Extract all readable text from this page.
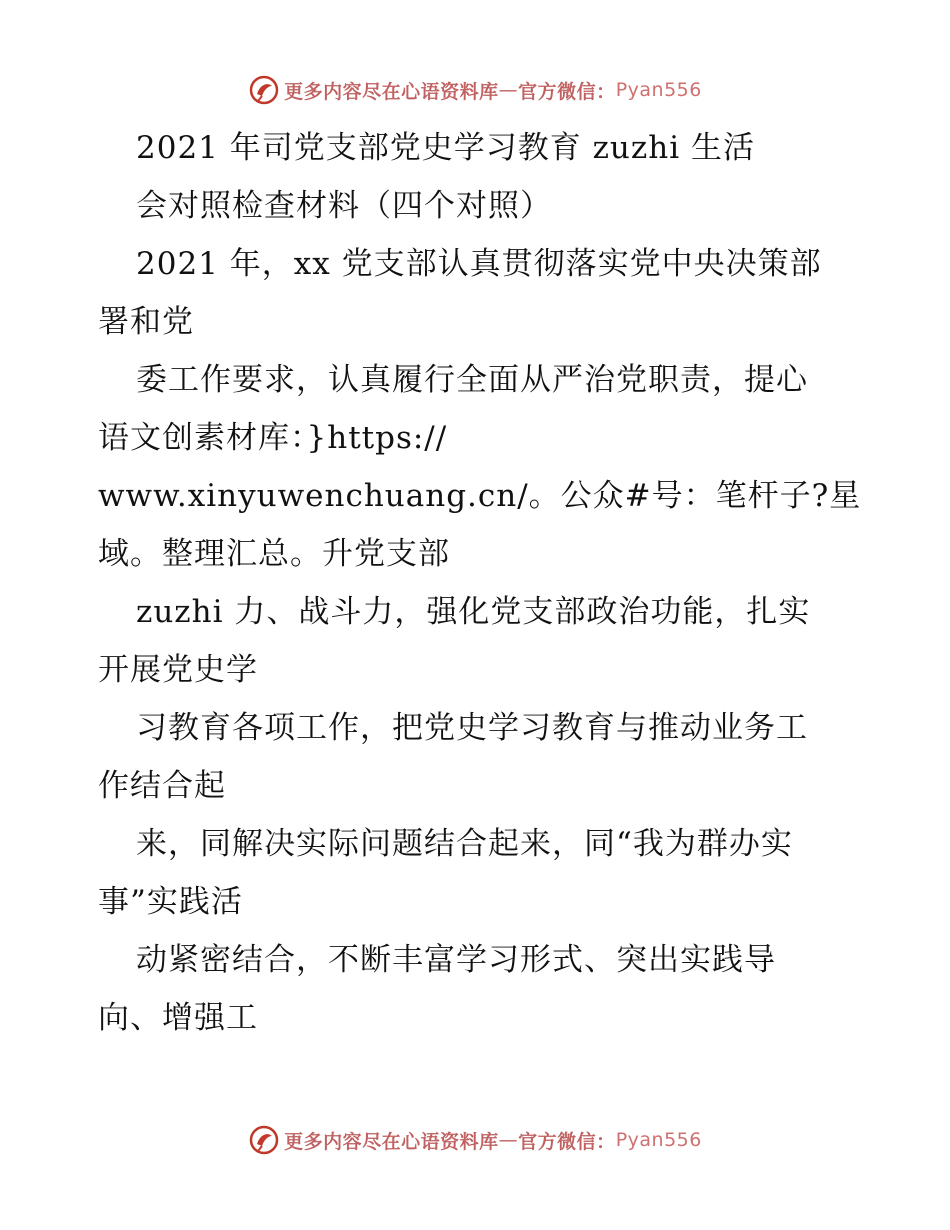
更多内容尽在心语资料库 — 官方微信： Pyan556
2021 年司党支部党史学习教育 zuzhi 生活
会对照检查材料（四个对照）
2021 年，xx 党支部认真贯彻落实党中央决策部
署和党
委工作要求，认真履行全面从严治党职责，提心
语文创素材库：}https://
www.xinyuwenchuang.cn/。公众#号：笔杆子?星
域。整理汇总。升党支部
zuzhi 力、战斗力，强化党支部政治功能，扎实
开展党史学
习教育各项工作，把党史学习教育与推动业务工
作结合起
来，同解决实际问题结合起来，同“我为群办实
事”实践活
动紧密结合，不断丰富学习形式、突出实践导
向、增强工
更多内容尽在心语资料库 — 官方微信： Pyan556
